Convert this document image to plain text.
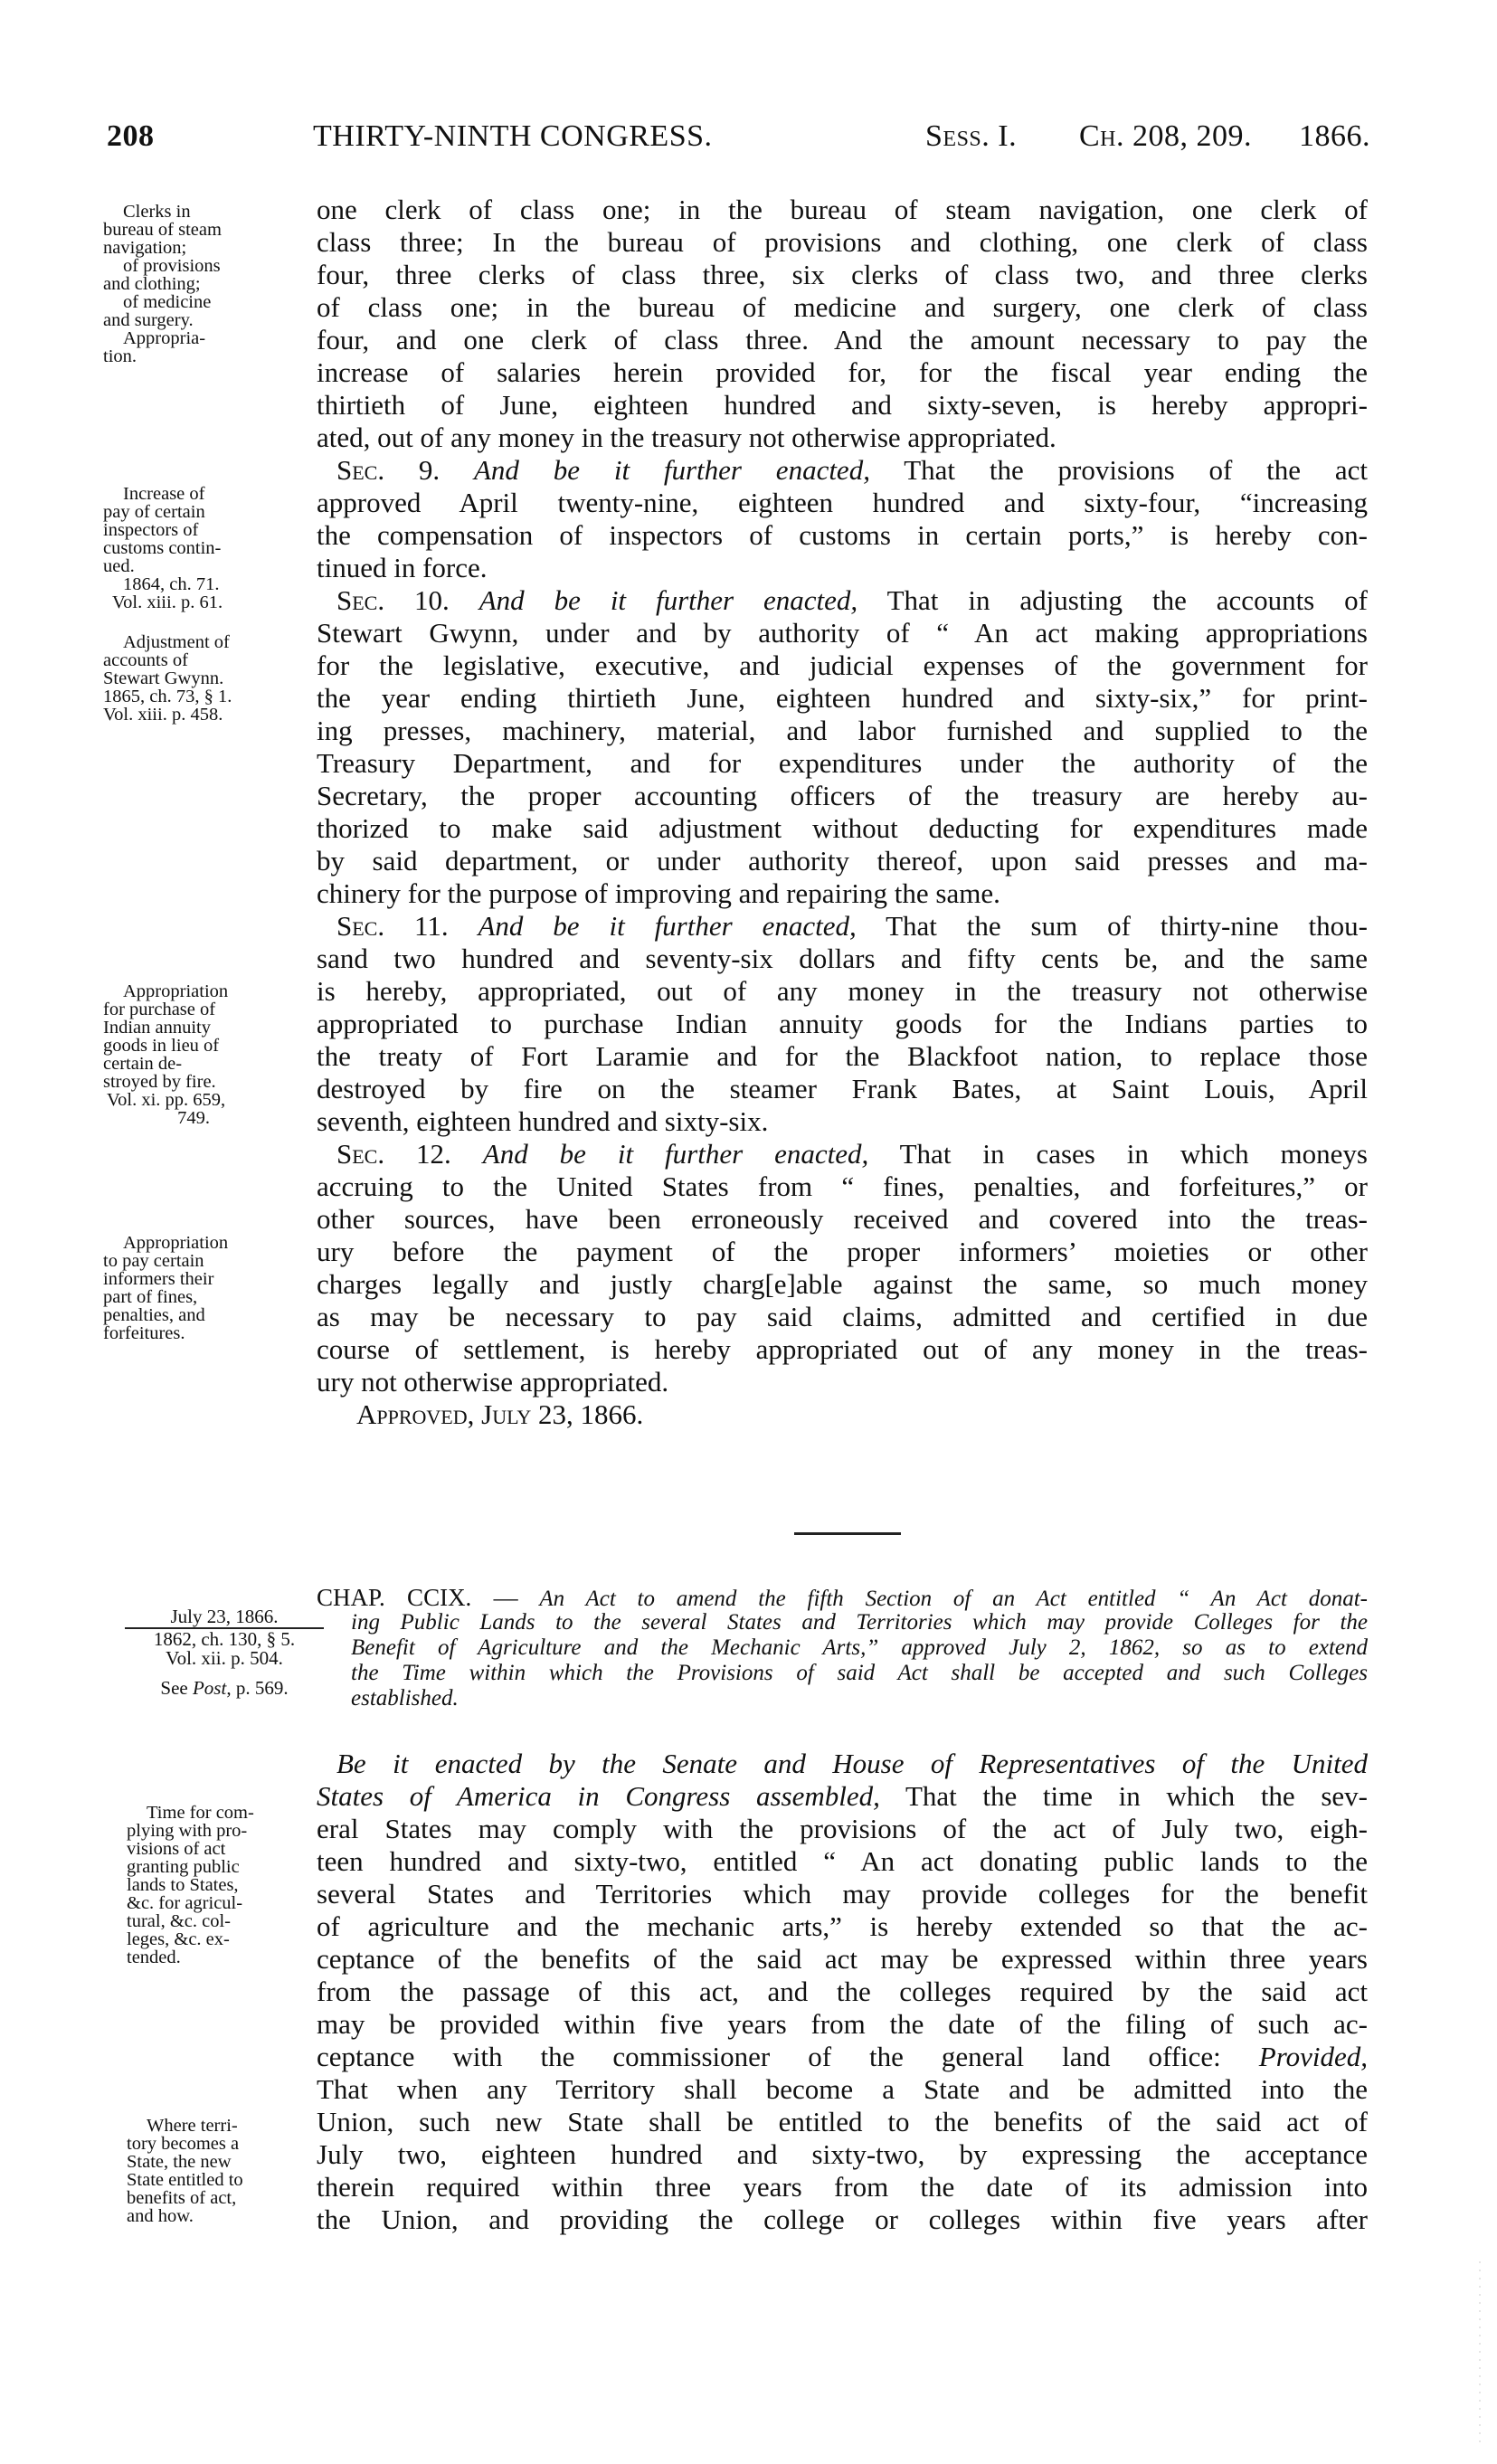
208	THIRTY-NINTH CONGRESS.	Sess. I. Ch. 208, 209. 1866.
one clerk of class one; in the bureau of steam navigation, one clerk of
class three; In the bureau of provisions and clothing, one clerk of class
four, three clerks of class three, six clerks of class two, and three clerks
of class one; in the bureau of medicine and surgery, one clerk of class
four, and one clerk of class three. And the amount necessary to pay the
increase of salaries herein provided for, for the fiscal year ending the
thirtieth of June, eighteen hundred and sixty-seven, is hereby appropri-
ated, out of any money in the treasury not otherwise appropriated.
Sec. 9. And be it further enacted, That the provisions of the act
approved April twenty-nine, eighteen hundred and sixty-four, “increasing
the compensation of inspectors of customs in certain ports,” is hereby con-
tinued in force.
Sec. 10. And be it further enacted, That in adjusting the accounts of
Stewart Gwynn, under and by authority of “ An act making appropriations
for the legislative, executive, and judicial expenses of the government for
the year ending thirtieth June, eighteen hundred and sixty-six,” for print-
ing presses, machinery, material, and labor furnished and supplied to the
Treasury Department, and for expenditures under the authority of the
Secretary, the proper accounting officers of the treasury are hereby au-
thorized to make said adjustment without deducting for expenditures made
by said department, or under authority thereof, upon said presses and ma-
chinery for the purpose of improving and repairing the same.
Sec. 11. And be it further enacted, That the sum of thirty-nine thou-
sand two hundred and seventy-six dollars and fifty cents be, and the same
is hereby, appropriated, out of any money in the treasury not otherwise
appropriated to purchase Indian annuity goods for the Indians parties to
the treaty of Fort Laramie and for the Blackfoot nation, to replace those
destroyed by fire on the steamer Frank Bates, at Saint Louis, April
seventh, eighteen hundred and sixty-six.
Sec. 12. And be it further enacted, That in cases in which moneys
accruing to the United States from “ fines, penalties, and forfeitures,” or
other sources, have been erroneously received and covered into the treas-
ury before the payment of the proper informers’ moieties or other
charges legally and justly charg[e]able against the same, so much money
as may be necessary to pay said claims, admitted and certified in due
course of settlement, is hereby appropriated out of any money in the treas-
ury not otherwise appropriated.
Approved, July 23, 1866.
Clerks in
bureau of steam
navigation;
of provisions
and clothing;
of medicine
and surgery.
Appropria-
tion.
Increase of
pay of certain
inspectors of
customs contin-
ued.
1864, ch. 71.
Vol. xiii. p. 61.
Adjustment of
accounts of
Stewart Gwynn.
1865, ch. 73, § 1.
Vol. xiii. p. 458.
Appropriation
for purchase of
Indian annuity
goods in lieu of
certain de-
stroyed by fire.
Vol. xi. pp. 659,
749.
Appropriation
to pay certain
informers their
part of fines,
penalties, and
forfeitures.
July 23, 1866.
1862, ch. 130, § 5.
Vol. xii. p. 504.
See Post, p. 569.
CHAP. CCIX. — An Act to amend the fifth Section of an Act entitled “ An Act donat-
ing Public Lands to the several States and Territories which may provide Colleges for the
Benefit of Agriculture and the Mechanic Arts,” approved July 2, 1862, so as to extend
the Time within which the Provisions of said Act shall be accepted and such Colleges
established.
Be it enacted by the Senate and House of Representatives of the United
States of America in Congress assembled, That the time in which the sev-
eral States may comply with the provisions of the act of July two, eigh-
teen hundred and sixty-two, entitled “ An act donating public lands to the
several States and Territories which may provide colleges for the benefit
of agriculture and the mechanic arts,” is hereby extended so that the ac-
ceptance of the benefits of the said act may be expressed within three years
from the passage of this act, and the colleges required by the said act
may be provided within five years from the date of the filing of such ac-
ceptance with the commissioner of the general land office: Provided,
That when any Territory shall become a State and be admitted into the
Union, such new State shall be entitled to the benefits of the said act of
July two, eighteen hundred and sixty-two, by expressing the acceptance
therein required within three years from the date of its admission into
the Union, and providing the college or colleges within five years after
Time for com-
plying with pro-
visions of act
granting public
lands to States,
&c. for agricul-
tural, &c. col-
leges, &c. ex-
tended.
Where terri-
tory becomes a
State, the new
State entitled to
benefits of act,
and how.
